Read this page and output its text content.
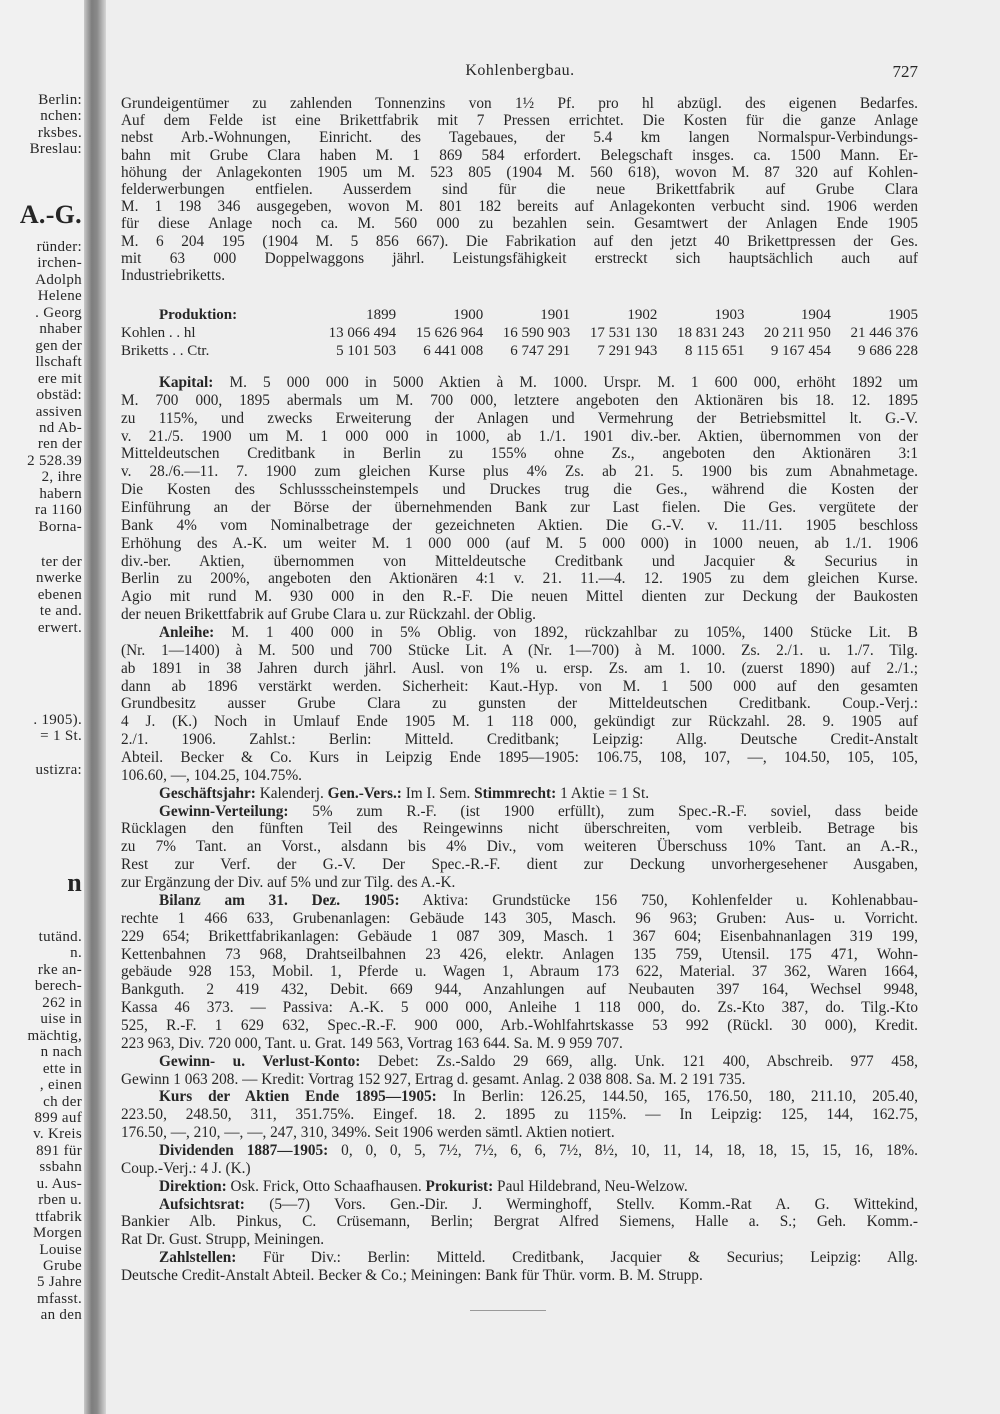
Kohlenbergbau.	727
Grundeigentümer zu zahlenden Tonnenzins von 1½ Pf. pro hl abzügl. des eigenen Bedarfes.
Auf dem Felde ist eine Brikettfabrik mit 7 Pressen errichtet. Die Kosten für die ganze Anlage
nebst Arb.-Wohnungen, Einricht. des Tagebaues, der 5.4 km langen Normalspur-Verbindungs-
bahn mit Grube Clara haben M. 1 869 584 erfordert. Belegschaft insges. ca. 1500 Mann. Er-
höhung der Anlagekonten 1905 um M. 523 805 (1904 M. 560 618), wovon M. 87 320 auf Kohlen-
felderwerbungen entfielen. Ausserdem sind für die neue Brikettfabrik auf Grube Clara
M. 1 198 346 ausgegeben, wovon M. 801 182 bereits auf Anlagekonten verbucht sind. 1906 werden
für diese Anlage noch ca. M. 560 000 zu bezahlen sein. Gesamtwert der Anlagen Ende 1905
M. 6 204 195 (1904 M. 5 856 667). Die Fabrikation auf den jetzt 40 Brikettpressen der Ges.
mit 63 000 Doppelwaggons jährl. Leistungsfähigkeit erstreckt sich hauptsächlich auch auf
Industriebriketts.
Produktion:	1899	1900	1901	1902	1903	1904	1905
Kohlen . . hl	13 066 494	15 626 964	16 590 903	17 531 130	18 831 243	20 211 950	21 446 376
Briketts . . Ctr.	5 101 503	6 441 008	6 747 291	7 291 943	8 115 651	9 167 454	9 686 228
Kapital: M. 5 000 000 in 5000 Aktien à M. 1000. Urspr. M. 1 600 000, erhöht 1892 um
M. 700 000, 1895 abermals um M. 700 000, letztere angeboten den Aktionären bis 18. 12. 1895
zu 115%, und zwecks Erweiterung der Anlagen und Vermehrung der Betriebsmittel lt. G.-V.
v. 21./5. 1900 um M. 1 000 000 in 1000, ab 1./1. 1901 div.-ber. Aktien, übernommen von der
Mitteldeutschen Creditbank in Berlin zu 155% ohne Zs., angeboten den Aktionären 3:1
v. 28./6.—11. 7. 1900 zum gleichen Kurse plus 4% Zs. ab 21. 5. 1900 bis zum Abnahmetage.
Die Kosten des Schlussscheinstempels und Druckes trug die Ges., während die Kosten der
Einführung an der Börse der übernehmenden Bank zur Last fielen. Die Ges. vergütete der
Bank 4% vom Nominalbetrage der gezeichneten Aktien. Die G.-V. v. 11./11. 1905 beschloss
Erhöhung des A.-K. um weiter M. 1 000 000 (auf M. 5 000 000) in 1000 neuen, ab 1./1. 1906
div.-ber. Aktien, übernommen von Mitteldeutsche Creditbank und Jacquier & Securius in
Berlin zu 200%, angeboten den Aktionären 4:1 v. 21. 11.—4. 12. 1905 zu dem gleichen Kurse.
Agio mit rund M. 930 000 in den R.-F. Die neuen Mittel dienten zur Deckung der Baukosten
der neuen Brikettfabrik auf Grube Clara u. zur Rückzahl. der Oblig.
Anleihe: M. 1 400 000 in 5% Oblig. von 1892, rückzahlbar zu 105%, 1400 Stücke Lit. B
(Nr. 1—1400) à M. 500 und 700 Stücke Lit. A (Nr. 1—700) à M. 1000. Zs. 2./1. u. 1./7. Tilg.
ab 1891 in 38 Jahren durch jährl. Ausl. von 1% u. ersp. Zs. am 1. 10. (zuerst 1890) auf 2./1.;
dann ab 1896 verstärkt werden. Sicherheit: Kaut.-Hyp. von M. 1 500 000 auf den gesamten
Grundbesitz ausser Grube Clara zu gunsten der Mitteldeutschen Creditbank. Coup.-Verj.:
4 J. (K.) Noch in Umlauf Ende 1905 M. 1 118 000, gekündigt zur Rückzahl. 28. 9. 1905 auf
2./1. 1906. Zahlst.: Berlin: Mitteld. Creditbank; Leipzig: Allg. Deutsche Credit-Anstalt
Abteil. Becker & Co. Kurs in Leipzig Ende 1895—1905: 106.75, 108, 107, —, 104.50, 105, 105,
106.60, —, 104.25, 104.75%.
Geschäftsjahr: Kalenderj. Gen.-Vers.: Im I. Sem. Stimmrecht: 1 Aktie = 1 St.
Gewinn-Verteilung: 5% zum R.-F. (ist 1900 erfüllt), zum Spec.-R.-F. soviel, dass beide
Rücklagen den fünften Teil des Reingewinns nicht überschreiten, vom verbleib. Betrage bis
zu 7% Tant. an Vorst., alsdann bis 4% Div., vom weiteren Überschuss 10% Tant. an A.-R.,
Rest zur Verf. der G.-V. Der Spec.-R.-F. dient zur Deckung unvorhergesehener Ausgaben,
zur Ergänzung der Div. auf 5% und zur Tilg. des A.-K.
Bilanz am 31. Dez. 1905: Aktiva: Grundstücke 156 750, Kohlenfelder u. Kohlenabbau-
rechte 1 466 633, Grubenanlagen: Gebäude 143 305, Masch. 96 963; Gruben: Aus- u. Vorricht.
229 654; Brikettfabrikanlagen: Gebäude 1 087 309, Masch. 1 367 604; Eisenbahnanlagen 319 199,
Kettenbahnen 73 968, Drahtseilbahnen 23 426, elektr. Anlagen 135 759, Utensil. 175 471, Wohn-
gebäude 928 153, Mobil. 1, Pferde u. Wagen 1, Abraum 173 622, Material. 37 362, Waren 1664,
Bankguth. 2 419 432, Debit. 669 944, Anzahlungen auf Neubauten 397 164, Wechsel 9948,
Kassa 46 373. — Passiva: A.-K. 5 000 000, Anleihe 1 118 000, do. Zs.-Kto 387, do. Tilg.-Kto
525, R.-F. 1 629 632, Spec.-R.-F. 900 000, Arb.-Wohlfahrtskasse 53 992 (Rückl. 30 000), Kredit.
223 963, Div. 720 000, Tant. u. Grat. 149 563, Vortrag 163 644. Sa. M. 9 959 707.
Gewinn- u. Verlust-Konto: Debet: Zs.-Saldo 29 669, allg. Unk. 121 400, Abschreib. 977 458,
Gewinn 1 063 208. — Kredit: Vortrag 152 927, Ertrag d. gesamt. Anlag. 2 038 808. Sa. M. 2 191 735.
Kurs der Aktien Ende 1895—1905: In Berlin: 126.25, 144.50, 165, 176.50, 180, 211.10, 205.40,
223.50, 248.50, 311, 351.75%. Eingef. 18. 2. 1895 zu 115%. — In Leipzig: 125, 144, 162.75,
176.50, —, 210, —, —, 247, 310, 349%. Seit 1906 werden sämtl. Aktien notiert.
Dividenden 1887—1905: 0, 0, 0, 5, 7½, 7½, 6, 6, 7½, 8½, 10, 11, 14, 18, 18, 15, 15, 16, 18%.
Coup.-Verj.: 4 J. (K.)
Direktion: Osk. Frick, Otto Schaafhausen. Prokurist: Paul Hildebrand, Neu-Welzow.
Aufsichtsrat: (5—7) Vors. Gen.-Dir. J. Werminghoff, Stellv. Komm.-Rat A. G. Wittekind,
Bankier Alb. Pinkus, C. Crüsemann, Berlin; Bergrat Alfred Siemens, Halle a. S.; Geh. Komm.-
Rat Dr. Gust. Strupp, Meiningen.
Zahlstellen: Für Div.: Berlin: Mitteld. Creditbank, Jacquier & Securius; Leipzig: Allg.
Deutsche Credit-Anstalt Abteil. Becker & Co.; Meiningen: Bank für Thür. vorm. B. M. Strupp.
Berlin:
nchen:
rksbes.
Breslau:
A.-G.
ründer:
irchen-
Adolph
Helene
. Georg
nhaber
gen der
llschaft
ere mit
obstäd:
assiven
nd Ab-
ren der
2 528.39
2, ihre
habern
ra 1160
Borna-
ter der
nwerke
ebenen
te and.
erwert.
. 1905).
= 1 St.
ustizra:
n
tutänd.
n.
rke an-
berech-
262 in
uise in
mächtig,
n nach
ette in
, einen
ch der
899 auf
v. Kreis
891 für
ssbahn
u. Aus-
rben u.
ttfabrik
Morgen
Louise
Grube
5 Jahre
mfasst.
an den
